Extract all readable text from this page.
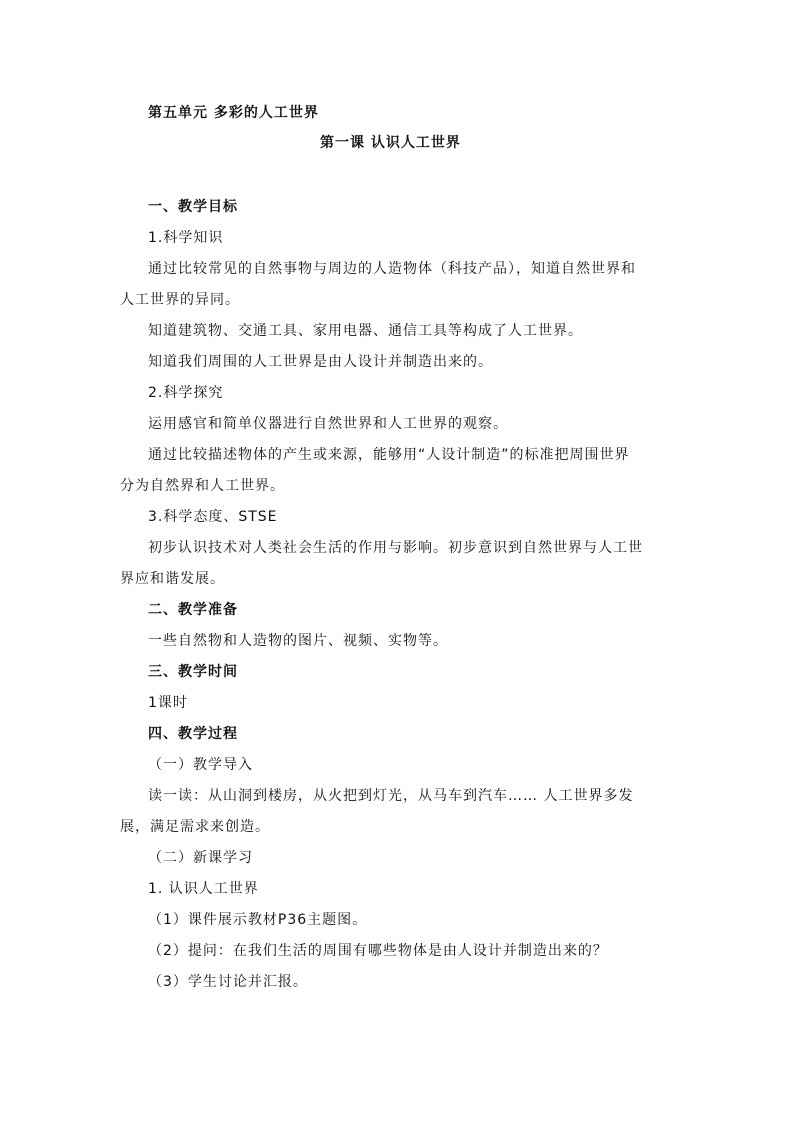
第五单元 多彩的人工世界
第一课 认识人工世界
一、教学目标
1.科学知识
通过比较常见的自然事物与周边的人造物体（科技产品），知道自然世界和
人工世界的异同。
知道建筑物、交通工具、家用电器、通信工具等构成了人工世界。
知道我们周围的人工世界是由人设计并制造出来的。
2.科学探究
运用感官和简单仪器进行自然世界和人工世界的观察。
通过比较描述物体的产生或来源，能够用“人设计制造”的标准把周围世界
分为自然界和人工世界。
3.科学态度、STSE
初步认识技术对人类社会生活的作用与影响。初步意识到自然世界与人工世
界应和谐发展。
二、教学准备
一些自然物和人造物的图片、视频、实物等。
三、教学时间
1课时
四、教学过程
（一）教学导入
读一读：从山洞到楼房，从火把到灯光，从马车到汽车…… 人工世界多发
展，满足需求来创造。
（二）新课学习
1. 认识人工世界
（1）课件展示教材P36主题图。
（2）提问：在我们生活的周围有哪些物体是由人设计并制造出来的？
（3）学生讨论并汇报。
